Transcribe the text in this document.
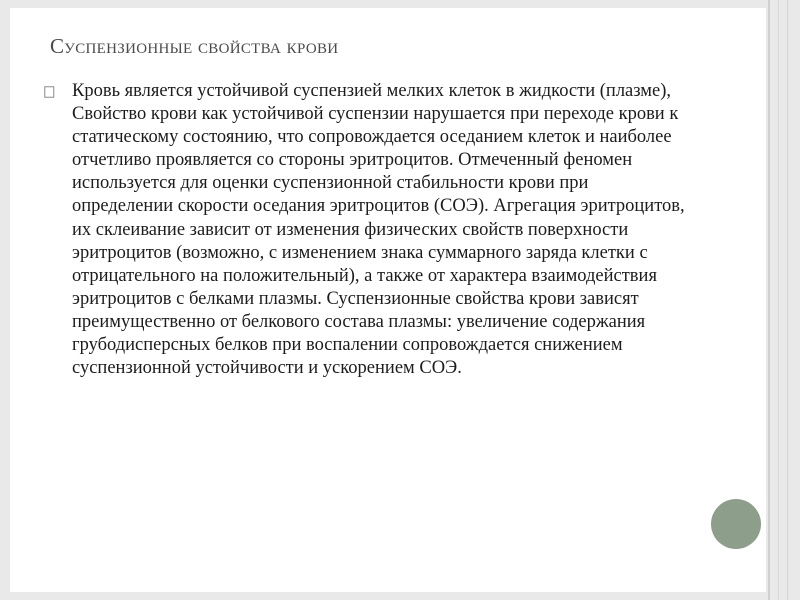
Суспензионные свойства крови

Кровь является устойчивой суспензией мелких клеток в жидкости (плазме), Свойство крови как устойчивой суспензии нарушается при переходе крови к статическому состоянию, что сопровождается оседанием клеток и наиболее отчетливо проявляется со стороны эритроцитов. Отмеченный феномен используется для оценки суспензионной стабильности крови при определении скорости оседания эритроцитов (СОЭ). Агрегация эритроцитов, их склеивание зависит от изменения физических свойств поверхности эритроцитов (возможно, с изменением знака суммарного заряда клетки с отрицательного на положительный), а также от характера взаимодействия эритроцитов с белками плазмы. Суспензионные свойства крови зависят преимущественно от белкового состава плазмы: увеличение содержания грубодисперсных белков при воспалении сопровождается снижением суспензионной устойчивости и ускорением СОЭ.
